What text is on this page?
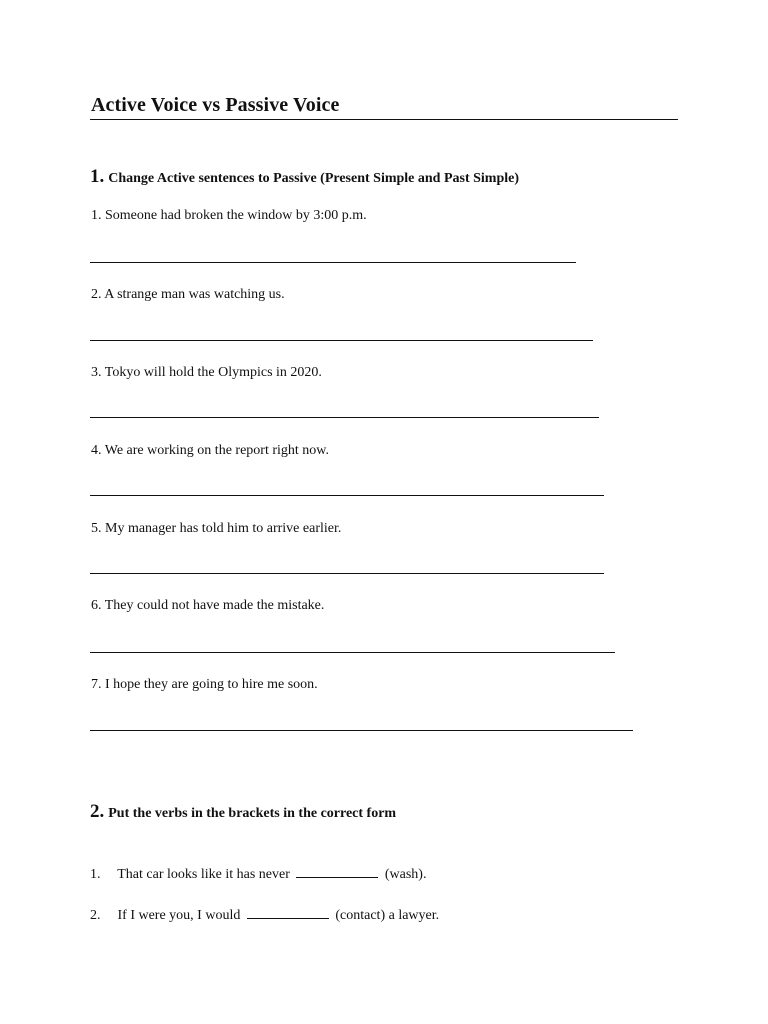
Active Voice vs Passive Voice
1. Change Active sentences to Passive (Present Simple and Past Simple)
1. Someone had broken the window by 3:00 p.m.
2. A strange man was watching us.
3. Tokyo will hold the Olympics in 2020.
4. We are working on the report right now.
5. My manager has told him to arrive earlier.
6. They could not have made the mistake.
7. I hope they are going to hire me soon.
2. Put the verbs in the brackets in the correct form
1. That car looks like it has never	(wash).
2. If I were you, I would	(contact) a lawyer.
